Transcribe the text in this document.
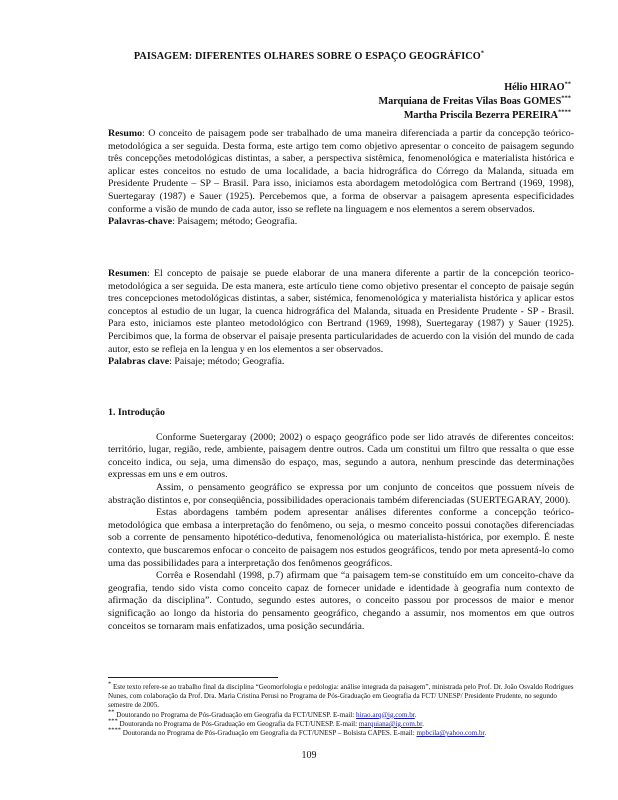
PAISAGEM: DIFERENTES OLHARES SOBRE O ESPAÇO GEOGRÁFICO*
Hélio HIRAO**
Marquiana de Freitas Vilas Boas GOMES***
Martha Priscila Bezerra PEREIRA****

Resumo: O conceito de paisagem pode ser trabalhado de uma maneira diferenciada a partir da concepção teórico-metodológica a ser seguida. Desta forma, este artigo tem como objetivo apresentar o conceito de paisagem segundo três concepções metodológicas distintas, a saber, a perspectiva sistêmica, fenomenológica e materialista histórica e aplicar estes conceitos no estudo de uma localidade, a bacia hidrográfica do Córrego da Malanda, situada em Presidente Prudente – SP – Brasil. Para isso, iniciamos esta abordagem metodológica com Bertrand (1969, 1998), Suertegaray (1987) e Sauer (1925). Percebemos que, a forma de observar a paisagem apresenta especificidades conforme a visão de mundo de cada autor, isso se reflete na linguagem e nos elementos a serem observados.

Palavras-chave: Paisagem; método; Geografia.

Resumen: El concepto de paisaje se puede elaborar de una manera diferente a partir de la concepción teorico-metodológica a ser seguida. De esta manera, este artículo tiene como objetivo presentar el concepto de paisaje según tres concepciones metodológicas distintas, a saber, sistémica, fenomenológica y materialista histórica y aplicar estos conceptos al estudio de un lugar, la cuenca hidrográfica del Malanda, situada en Presidente Prudente - SP - Brasil. Para esto, iniciamos este planteo metodológico con Bertrand (1969, 1998), Suertegaray (1987) y Sauer (1925). Percibimos que, la forma de observar el paisaje presenta particularidades de acuerdo con la visión del mundo de cada autor, esto se refleja en la lengua y en los elementos a ser observados.

Palabras clave: Paisaje; método; Geografía.

1. Introdução

Conforme Suetergaray (2000; 2002) o espaço geográfico pode ser lido através de diferentes conceitos: território, lugar, região, rede, ambiente, paisagem dentre outros. Cada um constitui um filtro que ressalta o que esse conceito indica, ou seja, uma dimensão do espaço, mas, segundo a autora, nenhum prescinde das determinações expressas em uns e em outros.

Assim, o pensamento geográfico se expressa por um conjunto de conceitos que possuem níveis de abstração distintos e, por conseqüência, possibilidades operacionais também diferenciadas (SUERTEGARAY, 2000).

Estas abordagens também podem apresentar análises diferentes conforme a concepção teórico-metodológica que embasa a interpretação do fenômeno, ou seja, o mesmo conceito possui conotações diferenciadas sob a corrente de pensamento hipotético-dedutiva, fenomenológica ou materialista-histórica, por exemplo. É neste contexto, que buscaremos enfocar o conceito de paisagem nos estudos geográficos, tendo por meta apresentá-lo como uma das possibilidades para a interpretação dos fenômenos geográficos.

Corrêa e Rosendahl (1998, p.7) afirmam que “a paisagem tem-se constituído em um conceito-chave da geografia, tendo sido vista como conceito capaz de fornecer unidade e identidade à geografia num contexto de afirmação da disciplina”. Contudo, segundo estes autores, o conceito passou por processos de maior e menor significação ao longo da historia do pensamento geográfico, chegando a assumir, nos momentos em que outros conceitos se tornaram mais enfatizados, uma posição secundária.

* Este texto refere-se ao trabalho final da disciplina “Geomorfologia e pedologia: análise integrada da paisagem”, ministrada pelo Prof. Dr. João Osvaldo Rodrigues Nunes, com colaboração da Prof. Dra. Maria Cristina Perusi no Programa de Pós-Graduação em Geografia da FCT/ UNESP/ Presidente Prudente, no segundo semestre de 2005.

** Doutorando no Programa de Pós-Graduação em Geografia da FCT/UNESP. E-mail: hirao.arq@ig.com.br.

*** Doutoranda no Programa de Pós-Graduação em Geografia da FCT/UNESP. E-mail: marquiana@ig.com.br.

**** Doutoranda no Programa de Pós-Graduação em Geografia da FCT/UNESP – Bolsista CAPES. E-mail: mpbcila@yahoo.com.br.

109
